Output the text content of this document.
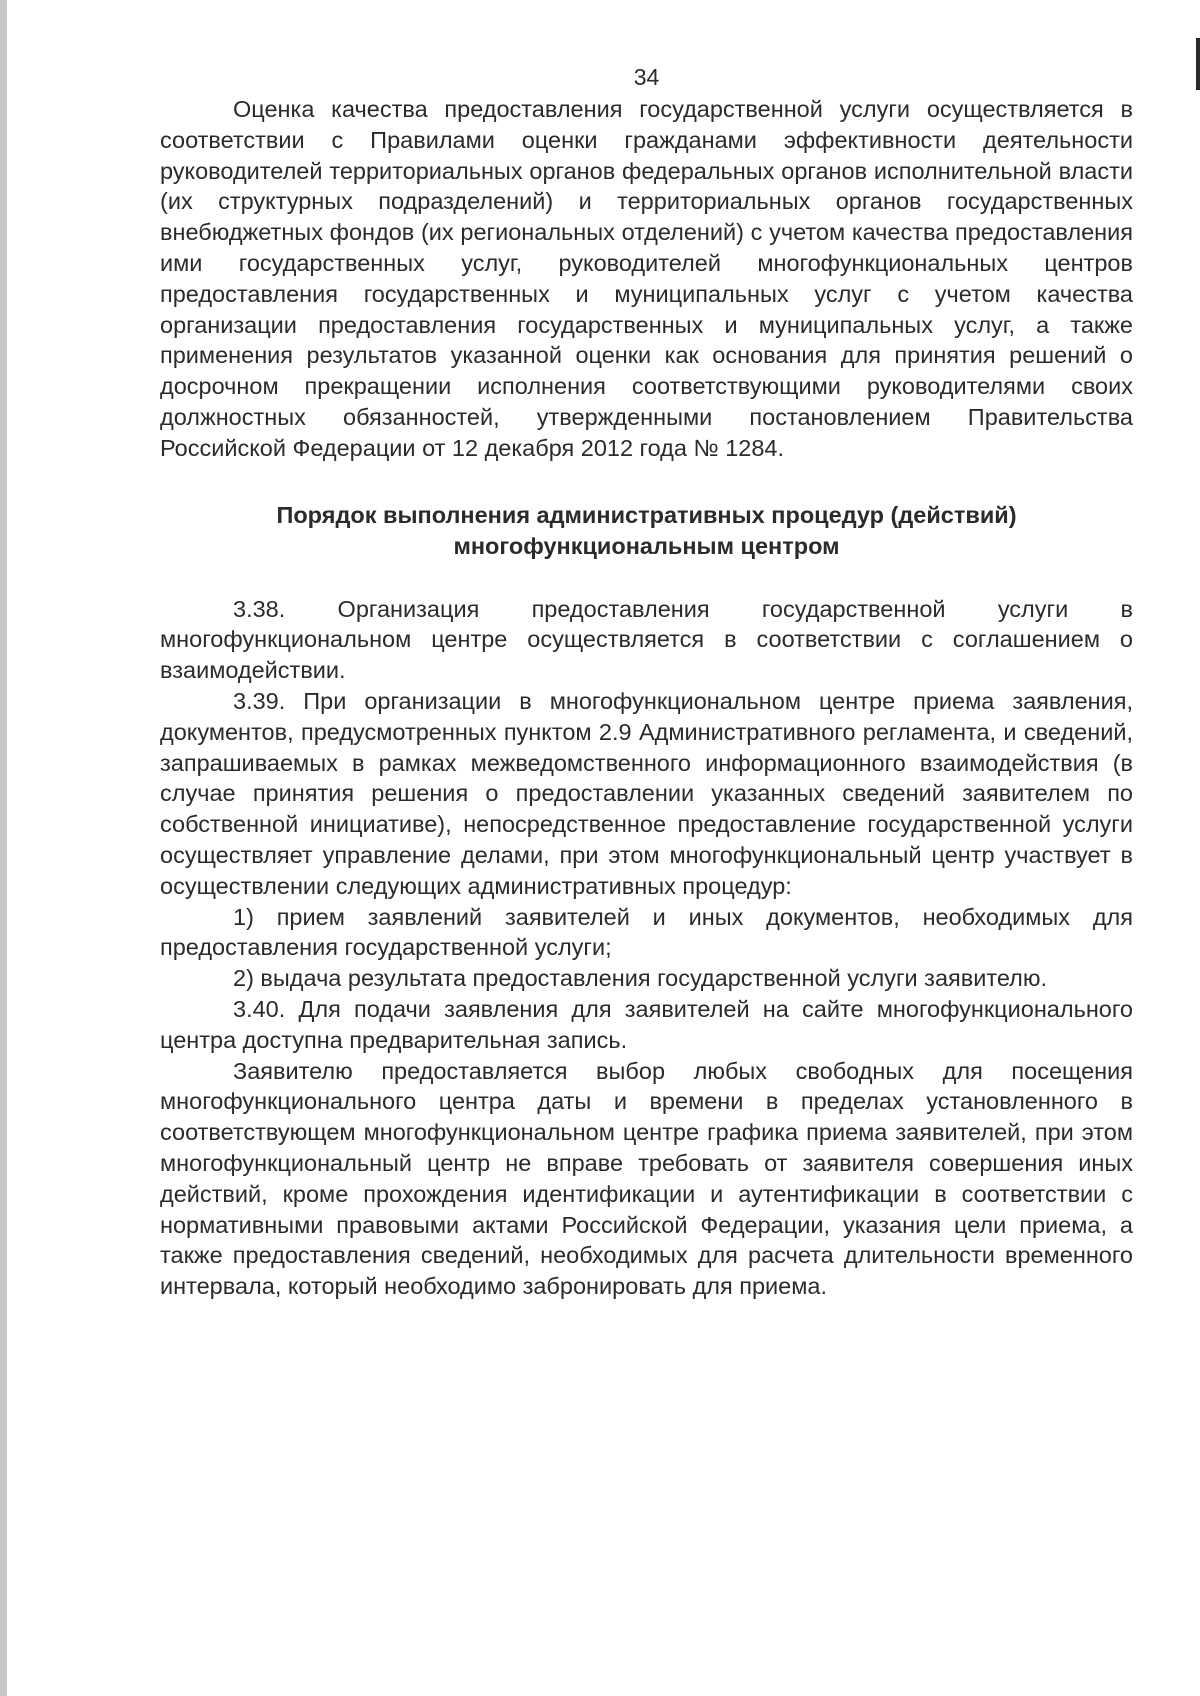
34

Оценка качества предоставления государственной услуги осуществляется в соответствии с Правилами оценки гражданами эффективности деятельности руководителей территориальных органов федеральных органов исполнительной власти (их структурных подразделений) и территориальных органов государственных внебюджетных фондов (их региональных отделений) с учетом качества предоставления ими государственных услуг, руководителей многофункциональных центров предоставления государственных и муниципальных услуг с учетом качества организации предоставления государственных и муниципальных услуг, а также применения результатов указанной оценки как основания для принятия решений о досрочном прекращении исполнения соответствующими руководителями своих должностных обязанностей, утвержденными постановлением Правительства Российской Федерации от 12 декабря 2012 года № 1284.

Порядок выполнения административных процедур (действий)
многофункциональным центром

3.38. Организация предоставления государственной услуги в многофункциональном центре осуществляется в соответствии с соглашением о взаимодействии.

3.39. При организации в многофункциональном центре приема заявления, документов, предусмотренных пунктом 2.9 Административного регламента, и сведений, запрашиваемых в рамках межведомственного информационного взаимодействия (в случае принятия решения о предоставлении указанных сведений заявителем по собственной инициативе), непосредственное предоставление государственной услуги осуществляет управление делами, при этом многофункциональный центр участвует в осуществлении следующих административных процедур:

1) прием заявлений заявителей и иных документов, необходимых для предоставления государственной услуги;

2) выдача результата предоставления государственной услуги заявителю.

3.40. Для подачи заявления для заявителей на сайте многофункционального центра доступна предварительная запись.

Заявителю предоставляется выбор любых свободных для посещения многофункционального центра даты и времени в пределах установленного в соответствующем многофункциональном центре графика приема заявителей, при этом многофункциональный центр не вправе требовать от заявителя совершения иных действий, кроме прохождения идентификации и аутентификации в соответствии с нормативными правовыми актами Российской Федерации, указания цели приема, а также предоставления сведений, необходимых для расчета длительности временного интервала, который необходимо забронировать для приема.
